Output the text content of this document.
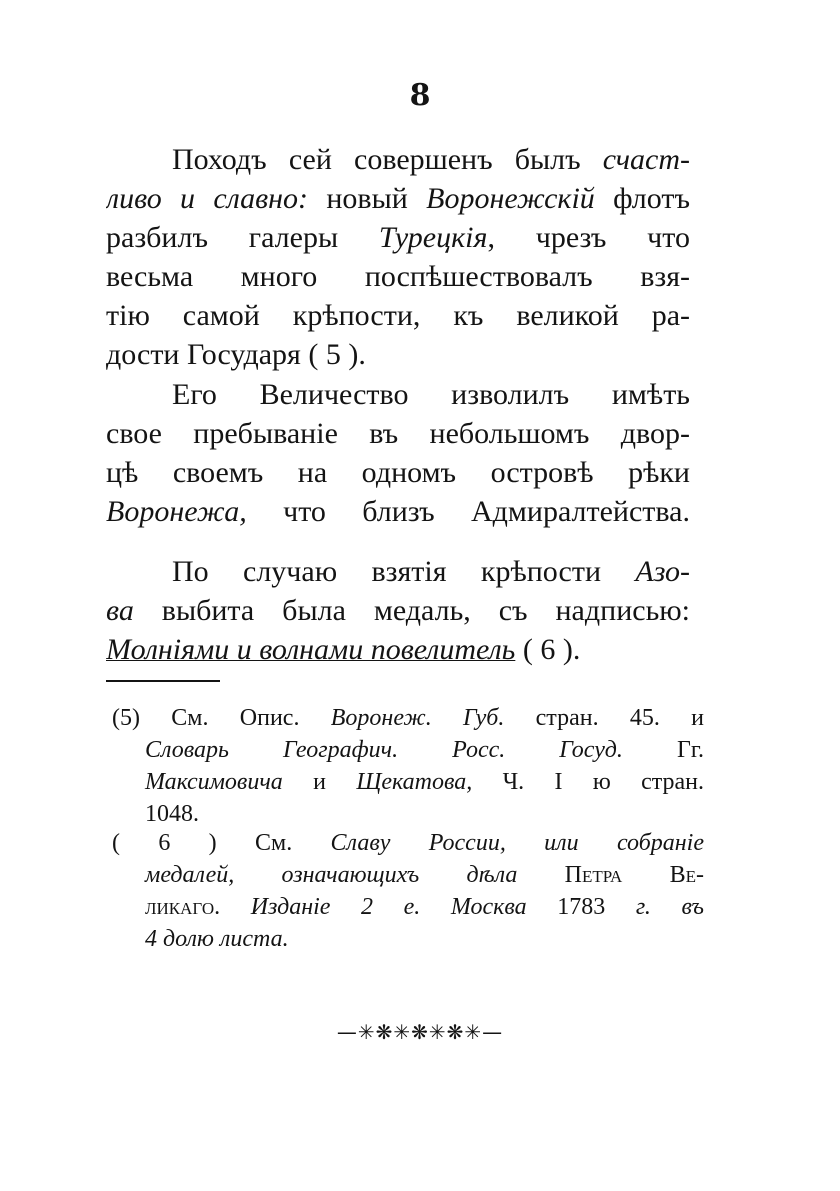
8
Походъ сей совершенъ былъ счаст-
ливо и славно: новый Воронежскій флотъ
разбилъ галеры Турецкія, чрезъ что
весьма много поспѣшествовалъ взя-
тію самой крѣпости, къ великой ра-
дости Государя ( 5 ).
Его Величество изволилъ имѣть
свое пребываніе въ небольшомъ двор-
цѣ своемъ на одномъ островѣ рѣки
Воронежа, что близъ Адмиралтейства.
По случаю взятія крѣпости Азо-
ва выбита была медаль, съ надписью:
Молніями и волнами повелитель ( 6 ).
(5) См. Опис. Воронеж. Губ. стран. 45. и
Словарь Географич. Росс. Госуд. Гг.
Максимовича и Щекатова, Ч. I ю стран.
1048.
( 6 ) См. Славу России, или собраніе
медалей, означающихъ дѣла Петра Ве-
ликаго. Изданіе 2 е. Москва 1783 г. въ
4 долю листа.
—✳❋✳❋✳❋✳—
